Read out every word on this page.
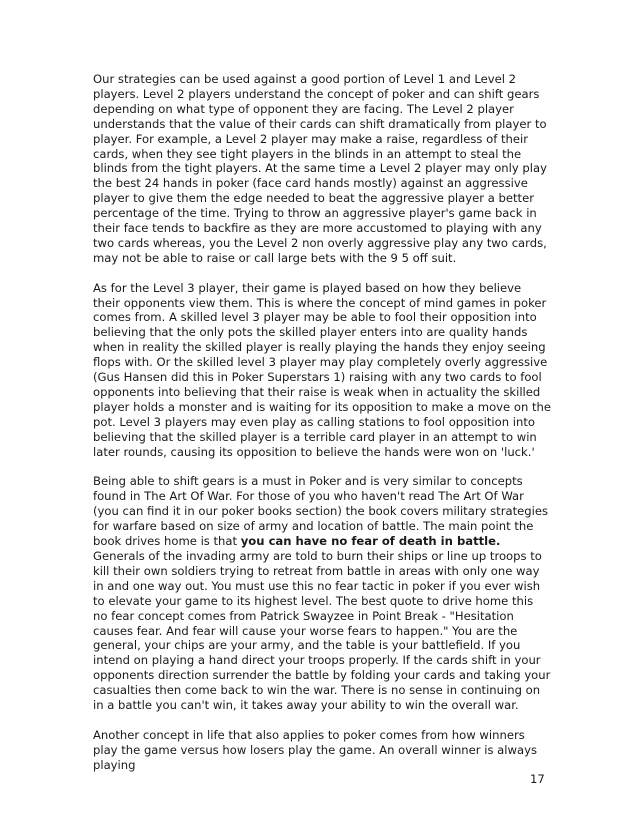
Our strategies can be used against a good portion of Level 1 and Level 2 players. Level 2 players understand the concept of poker and can shift gears depending on what type of opponent they are facing. The Level 2 player understands that the value of their cards can shift dramatically from player to player. For example, a Level 2 player may make a raise, regardless of their cards, when they see tight players in the blinds in an attempt to steal the blinds from the tight players. At the same time a Level 2 player may only play the best 24 hands in poker (face card hands mostly) against an aggressive player to give them the edge needed to beat the aggressive player a better percentage of the time. Trying to throw an aggressive player's game back in their face tends to backfire as they are more accustomed to playing with any two cards whereas, you the Level 2 non overly aggressive play any two cards, may not be able to raise or call large bets with the 9 5 off suit.

As for the Level 3 player, their game is played based on how they believe their opponents view them. This is where the concept of mind games in poker comes from. A skilled level 3 player may be able to fool their opposition into believing that the only pots the skilled player enters into are quality hands when in reality the skilled player is really playing the hands they enjoy seeing flops with. Or the skilled level 3 player may play completely overly aggressive (Gus Hansen did this in Poker Superstars 1) raising with any two cards to fool opponents into believing that their raise is weak when in actuality the skilled player holds a monster and is waiting for its opposition to make a move on the pot. Level 3 players may even play as calling stations to fool opposition into believing that the skilled player is a terrible card player in an attempt to win later rounds, causing its opposition to believe the hands were won on 'luck.'

Being able to shift gears is a must in Poker and is very similar to concepts found in The Art Of War. For those of you who haven't read The Art Of War (you can find it in our poker books section) the book covers military strategies for warfare based on size of army and location of battle. The main point the book drives home is that you can have no fear of death in battle. Generals of the invading army are told to burn their ships or line up troops to kill their own soldiers trying to retreat from battle in areas with only one way in and one way out. You must use this no fear tactic in poker if you ever wish to elevate your game to its highest level. The best quote to drive home this no fear concept comes from Patrick Swayzee in Point Break - "Hesitation causes fear. And fear will cause your worse fears to happen." You are the general, your chips are your army, and the table is your battlefield. If you intend on playing a hand direct your troops properly. If the cards shift in your opponents direction surrender the battle by folding your cards and taking your casualties then come back to win the war. There is no sense in continuing on in a battle you can't win, it takes away your ability to win the overall war.

Another concept in life that also applies to poker comes from how winners play the game versus how losers play the game. An overall winner is always playing

17
